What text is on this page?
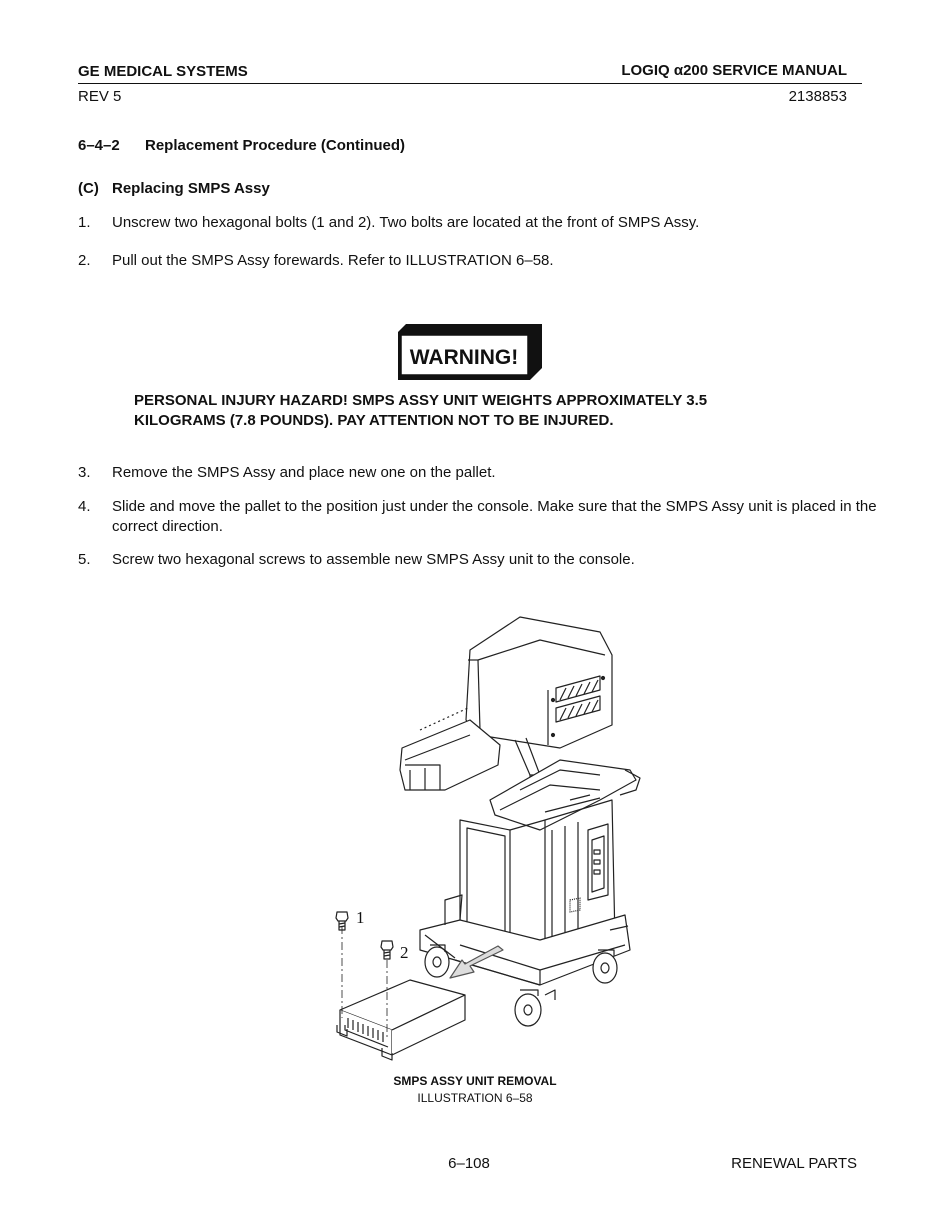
GE MEDICAL SYSTEMS	LOGIQ α200 SERVICE MANUAL
REV 5	2138853
6–4–2 Replacement Procedure (Continued)
(C) Replacing SMPS Assy
1. Unscrew two hexagonal bolts (1 and 2). Two bolts are located at the front of SMPS Assy.
2. Pull out the SMPS Assy forewards. Refer to ILLUSTRATION 6–58.
WARNING!
PERSONAL INJURY HAZARD! SMPS ASSY UNIT WEIGHTS APPROXIMATELY 3.5 KILOGRAMS (7.8 POUNDS). PAY ATTENTION NOT TO BE INJURED.
3. Remove the SMPS Assy and place new one on the pallet.
4. Slide and move the pallet to the position just under the console. Make sure that the SMPS Assy unit is placed in the correct direction.
5. Screw two hexagonal screws to assemble new SMPS Assy unit to the console.
1
2
SMPS ASSY UNIT REMOVAL
ILLUSTRATION 6–58
6–108	RENEWAL PARTS
